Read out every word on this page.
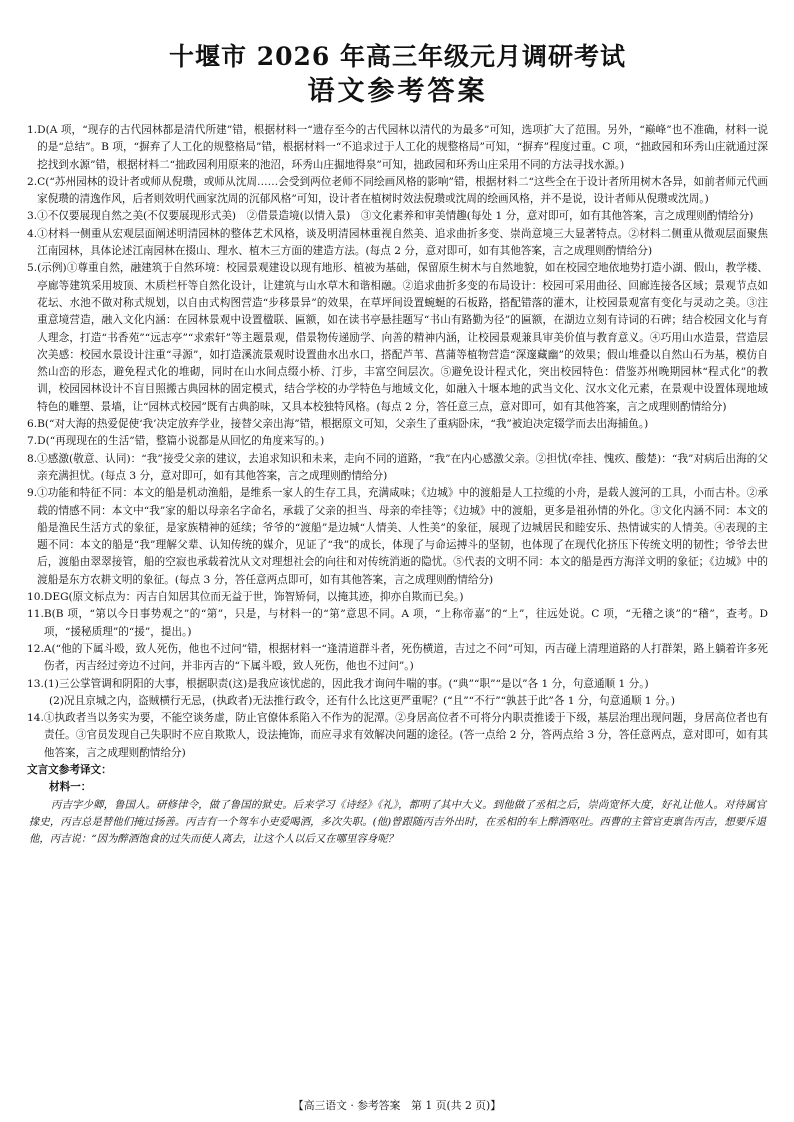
十堰市 2026 年高三年级元月调研考试
语文参考答案
1. D(A 项，“现存的古代园林都是清代所建”错，根据材料一“遗存至今的古代园林以清代的为最多”可知，选项扩大了范围。另外，“巅峰”也不准确，材料一说的是“总结”。B 项，“摒弃了人工化的规整格局”错，根据材料一“不追求过于人工化的规整格局”可知，“摒弃”程度过重。C 项，“拙政园和环秀山庄就通过深挖找到水源”错，根据材料二“拙政园利用原来的池沼，环秀山庄掘地得泉”可知，拙政园和环秀山庄采用不同的方法寻找水源。)
2. C(“苏州园林的设计者或师从倪瓒，或师从沈周……会受到两位老师不同绘画风格的影响”错，根据材料二“这些全在于设计者所用树木各异，如前者师元代画家倪瓒的清逸作风，后者则效明代画家沈周的沉郁风格”可知，设计者在植树时效法倪瓒或沈周的绘画风格，并不是说，设计者师从倪瓒或沈周。)
3. ①不仅要展现自然之美(不仅要展现形式美)　②借景造境(以情入景)　③文化素养和审美情趣(每处 1 分，意对即可，如有其他答案，言之成理则酌情给分)
4. ①材料一侧重从宏观层面阐述明清园林的整体艺术风格，谈及明清园林重视自然美、追求曲折多变、崇尚意境三大显著特点。②材料二侧重从微观层面聚焦江南园林，具体论述江南园林在掇山、理水、植木三方面的建造方法。(每点 2 分，意对即可，如有其他答案，言之成理则酌情给分)
5. (示例)①尊重自然，融建筑于自然环境：校园景观建设以现有地形、植被为基础，保留原生树木与自然地貌，如在校园空地依地势打造小湖、假山，教学楼、亭廊等建筑采用坡顶、木质栏杆等自然化设计，让建筑与山水草木和谐相融。②追求曲折多变的布局设计：校园可采用曲径、回廊连接各区域；景观节点如花坛、水池不做对称式规划，以自由式构图营造“步移景异”的效果，在草坪间设置蜿蜒的石板路，搭配错落的灌木，让校园景观富有变化与灵动之美。③注重意境营造，融入文化内涵：在园林景观中设置楹联、匾额，如在读书亭悬挂题写“书山有路勤为径”的匾额，在湖边立刻有诗词的石碑；结合校园文化与育人理念，打造“书香苑”“远志亭”“求索轩”等主题景观，借景物传递励学、向善的精神内涵，让校园景观兼具审美价值与教育意义。④巧用山水造景，营造层次美感：校园水景设计注重“寻源”，如打造溪流景观时设置曲水出水口，搭配芦苇、菖蒲等植物营造“深邃藏幽”的效果；假山堆叠以自然山石为基，模仿自然山峦的形态，避免程式化的堆砌，同时在山水间点缀小桥、汀步，丰富空间层次。⑤避免设计程式化，突出校园特色：借鉴苏州晚期园林“程式化”的教训，校园园林设计不盲目照搬古典园林的固定模式，结合学校的办学特色与地域文化，如融入十堰本地的武当文化、汉水文化元素，在景观中设置体现地域特色的雕塑、景墙，让“园林式校园”既有古典韵味，又具本校独特风格。(每点 2 分，答任意三点，意对即可，如有其他答案，言之成理则酌情给分)
6. B(“对大海的热爱促使‘我’决定放弃学业，接替父亲出海”错，根据原文可知，父亲生了重病卧床，“我”被迫决定辍学而去出海捕鱼。)
7. D(“再现现在的生活”错，整篇小说都是从回忆的角度来写的。)
8. ①感激(敬意、认同)：“我”接受父亲的建议，去追求知识和未来，走向不同的道路，“我”在内心感激父亲。②担忧(牵挂、愧疚、酸楚)：“我”对病后出海的父亲充满担忧。(每点 3 分，意对即可，如有其他答案，言之成理则酌情给分)
9. ①功能和特征不同：本文的船是机动渔船，是维系一家人的生存工具，充满咸味；《边城》中的渡船是人工拉缆的小舟，是载人渡河的工具，小而古朴。②承载的情感不同：本文中“我”家的船以母亲名字命名，承载了父亲的担当、母亲的牵挂等；《边城》中的渡船，更多是祖孙情的外化。③文化内涵不同：本文的船是渔民生活方式的象征，是家族精神的延续；爷爷的“渡船”是边城“人情美、人性美”的象征，展现了边城居民和睦安乐、热情诚实的人情美。④表现的主题不同：本文的船是“我”理解父辈、认知传统的媒介，见证了“我”的成长，体现了与命运搏斗的坚韧，也体现了在现代化挤压下传统文明的韧性；爷爷去世后，渡船由翠翠接管，船的空寂也承载着沈从文对理想社会的向往和对传统消逝的隐忧。⑤代表的文明不同：本文的船是西方海洋文明的象征；《边城》中的渡船是东方农耕文明的象征。(每点 3 分，答任意两点即可，如有其他答案，言之成理则酌情给分)
10. DEG(原文标点为：丙吉自知居其位而无益于世，饰智矫伺，以掩其迹，抑亦自欺而已矣。)
11. B(B 项，“第以今日事势观之”的“第”，只是，与材料一的“第”意思不同。A 项，“上称帝嘉”的“上”，往远处说。C 项，“无稽之谈”的“稽”，查考。D 项，“援秘质理”的“援”，提出。)
12. A(“他的下属斗殴，致人死伤，他也不过问”错，根据材料一“逢清道群斗者，死伤横道，吉过之不问”可知，丙吉碰上清理道路的人打群架，路上躺着许多死伤者，丙吉经过旁边不过问，并非丙吉的“下属斗殴，致人死伤，他也不过问”。)
13. (1)三公掌管调和阴阳的大事，根据职责(这)是我应该忧虑的，因此我才询问牛喘的事。(“典”“职”“是以”各 1 分，句意通顺 1 分。)
(2)况且京城之内，盗贼横行无忌，(执政者)无法推行政令，还有什么比这更严重呢？(“且”“不行”“孰甚于此”各 1 分，句意通顺 1 分。)
14. ①执政者当以务实为要，不能空谈务虚，防止官僚体系陷入不作为的泥潭。②身居高位者不可将分内职责推诿于下级，基层治理出现问题，身居高位者也有责任。③官员发现自己失职时不应自欺欺人，设法掩饰，而应寻求有效解决问题的途径。(答一点给 2 分，答两点给 3 分，答任意两点，意对即可，如有其他答案，言之成理则酌情给分)
文言文参考译文：
材料一：
丙吉字少卿，鲁国人。研修律令，做了鲁国的狱史。后来学习《诗经》《礼》，都明了其中大义。到他做了丞相之后，崇尚宽怀大度，好礼让他人。对待属官掾史，丙吉总是替他们掩过扬善。丙吉有一个驾车小吏爱喝酒，多次失职。(他)曾跟随丙吉外出时，在丞相的车上醉酒呕吐。西曹的主管官吏禀告丙吉，想要斥退他，丙吉说：“因为醉酒饱食的过失而使人离去，让这个人以后又在哪里容身呢？
【高三语文 · 参考答案　第 1 页(共 2 页)】
